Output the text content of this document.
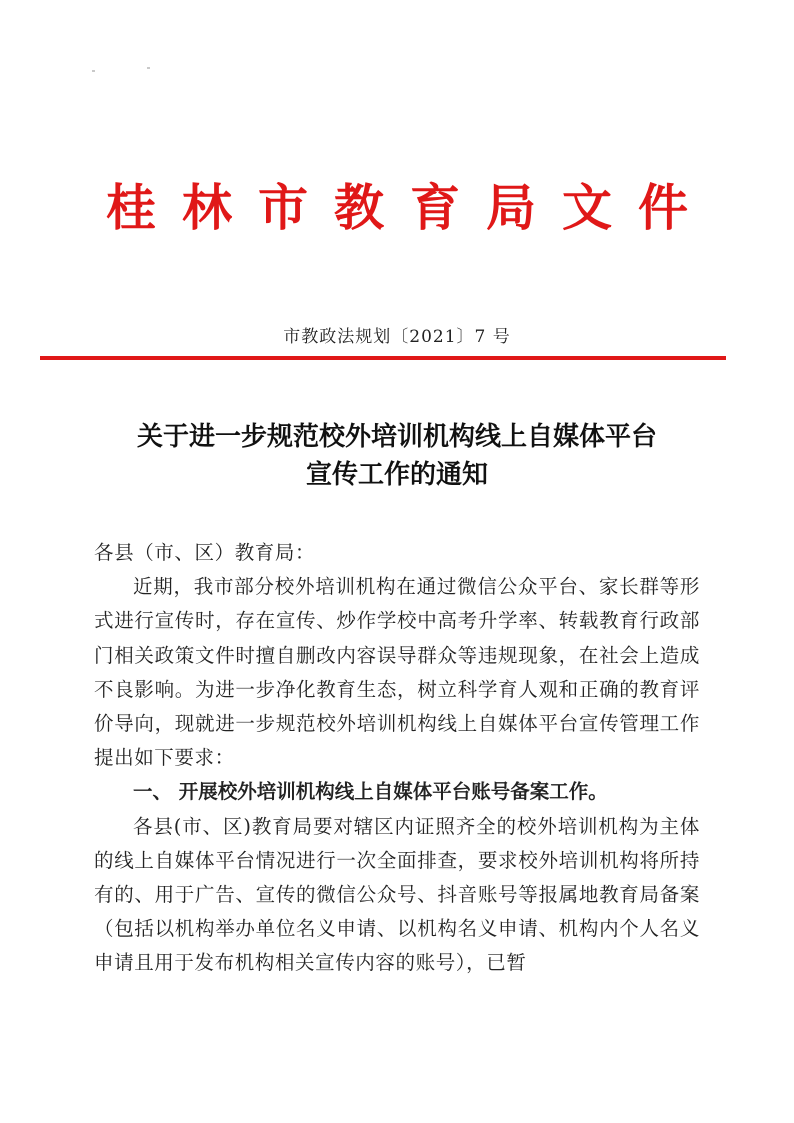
桂林市教育局文件
市教政法规划〔2021〕7 号
关于进一步规范校外培训机构线上自媒体平台
宣传工作的通知

各县（市、区）教育局：

近期，我市部分校外培训机构在通过微信公众平台、家长群等形式进行宣传时，存在宣传、炒作学校中高考升学率、转载教育行政部门相关政策文件时擅自删改内容误导群众等违规现象，在社会上造成不良影响。为进一步净化教育生态，树立科学育人观和正确的教育评价导向，现就进一步规范校外培训机构线上自媒体平台宣传管理工作提出如下要求：

一、 开展校外培训机构线上自媒体平台账号备案工作。

各县(市、区)教育局要对辖区内证照齐全的校外培训机构为主体的线上自媒体平台情况进行一次全面排查，要求校外培训机构将所持有的、用于广告、宣传的微信公众号、抖音账号等报属地教育局备案（包括以机构举办单位名义申请、以机构名义申请、机构内个人名义申请且用于发布机构相关宣传内容的账号），已暂
